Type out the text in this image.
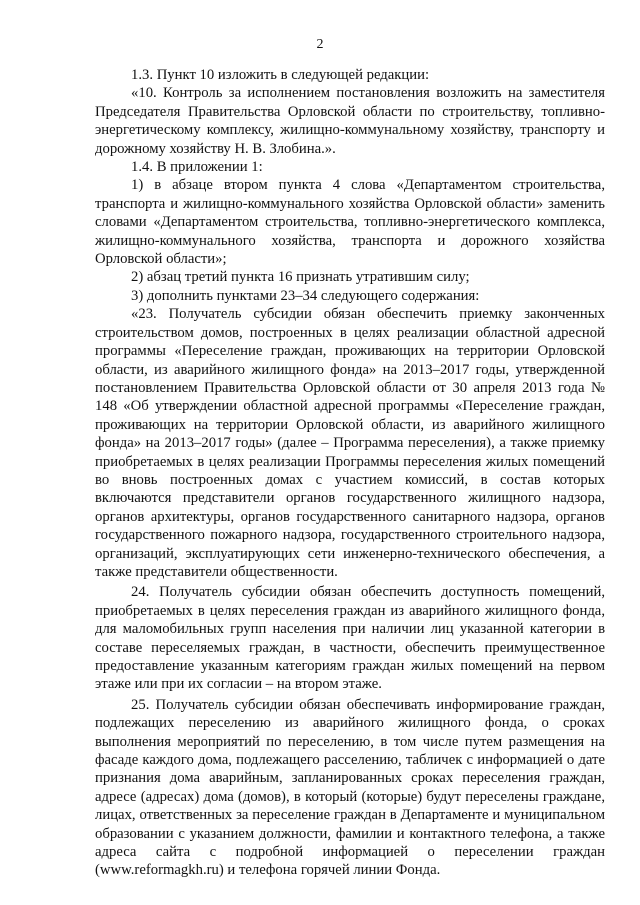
2

1.3. Пункт 10 изложить в следующей редакции:

«10. Контроль за исполнением постановления возложить на заместителя Председателя Правительства Орловской области по строительству, топливно-энергетическому комплексу, жилищно-коммунальному хозяйству, транспорту и дорожному хозяйству Н. В. Злобина.».

1.4. В приложении 1:

1) в абзаце втором пункта 4 слова «Департаментом строительства, транспорта и жилищно-коммунального хозяйства Орловской области» заменить словами «Департаментом строительства, топливно-энергетического комплекса, жилищно-коммунального хозяйства, транспорта и дорожного хозяйства Орловской области»;

2) абзац третий пункта 16 признать утратившим силу;

3) дополнить пунктами 23–34 следующего содержания:

«23. Получатель субсидии обязан обеспечить приемку законченных строительством домов, построенных в целях реализации областной адресной программы «Переселение граждан, проживающих на территории Орловской области, из аварийного жилищного фонда» на 2013–2017 годы, утвержденной постановлением Правительства Орловской области от 30 апреля 2013 года № 148 «Об утверждении областной адресной программы «Переселение граждан, проживающих на территории Орловской области, из аварийного жилищного фонда» на 2013–2017 годы» (далее – Программа переселения), а также приемку приобретаемых в целях реализации Программы переселения жилых помещений во вновь построенных домах с участием комиссий, в состав которых включаются представители органов государственного жилищного надзора, органов архитектуры, органов государственного санитарного надзора, органов государственного пожарного надзора, государственного строительного надзора, организаций, эксплуатирующих сети инженерно-технического обеспечения, а также представители общественности.

24. Получатель субсидии обязан обеспечить доступность помещений, приобретаемых в целях переселения граждан из аварийного жилищного фонда, для маломобильных групп населения при наличии лиц указанной категории в составе переселяемых граждан, в частности, обеспечить преимущественное предоставление указанным категориям граждан жилых помещений на первом этаже или при их согласии – на втором этаже.

25. Получатель субсидии обязан обеспечивать информирование граждан, подлежащих переселению из аварийного жилищного фонда, о сроках выполнения мероприятий по переселению, в том числе путем размещения на фасаде каждого дома, подлежащего расселению, табличек с информацией о дате признания дома аварийным, запланированных сроках переселения граждан, адресе (адресах) дома (домов), в который (которые) будут переселены граждане, лицах, ответственных за переселение граждан в Департаменте и муниципальном образовании с указанием должности, фамилии и контактного телефона, а также адреса сайта с подробной информацией о переселении граждан (www.reformagkh.ru) и телефона горячей линии Фонда.
